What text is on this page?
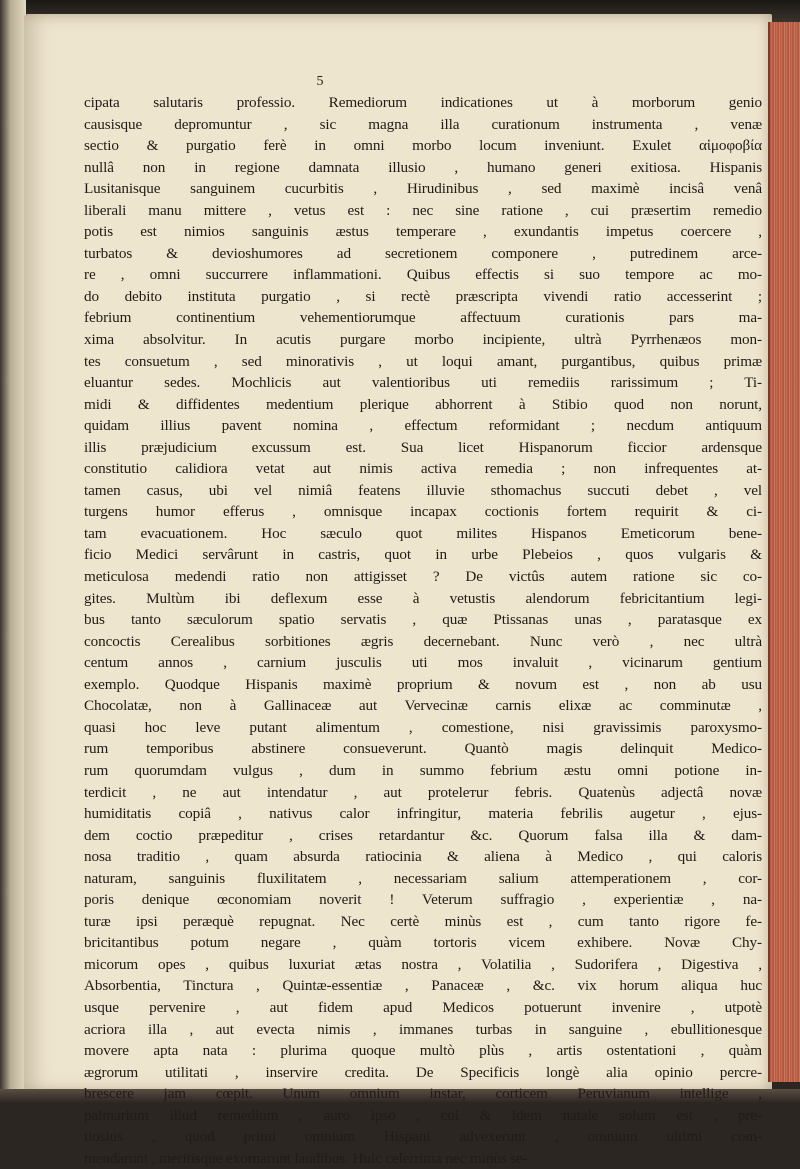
5
cipata salutaris professio. Remediorum indicationes ut à morborum genio
causisque depromuntur , sic magna illa curationum instrumenta , venæ
sectio & purgatio ferè in omni morbo locum inveniunt. Exulet αἱμοφοβία
nullâ non in regione damnata illusio , humano generi exitiosa. Hispanis
Lusitanisque sanguinem cucurbitis , Hirudinibus , sed maximè incisâ venâ
liberali manu mittere , vetus est : nec sine ratione , cui præsertim remedio
potis est nimios sanguinis æstus temperare , exundantis impetus coercere ,
turbatos & devioshumores ad secretionem componere , putredinem arce-
re , omni succurrere inflammationi. Quibus effectis si suo tempore ac mo-
do debito instituta purgatio , si rectè præscripta vivendi ratio accesserint ;
febrium continentium vehementiorumque affectuum curationis pars ma-
xima absolvitur. In acutis purgare morbo incipiente, ultrà Pyrrhenæos mon-
tes consuetum , sed minorativis , ut loqui amant, purgantibus, quibus primæ
eluantur sedes. Mochlicis aut valentioribus uti remediis rarissimum ; Ti-
midi & diffidentes medentium plerique abhorrent à Stibio quod non norunt,
quidam illius pavent nomina , effectum reformidant ; necdum antiquum
illis præjudicium excussum est. Sua licet Hispanorum ficcior ardensque
constitutio calidiora vetat aut nimis activa remedia ; non infrequentes at-
tamen casus, ubi vel nimiâ featens illuvie sthomachus succuti debet , vel
turgens humor efferus , omnisque incapax coctionis fortem requirit & ci-
tam evacuationem. Hoc sæculo quot milites Hispanos Emeticorum bene-
ficio Medici servârunt in castris, quot in urbe Plebeios , quos vulgaris &
meticulosa medendi ratio non attigisset ? De victûs autem ratione sic co-
gites. Multùm ibi deflexum esse à vetustis alendorum febricitantium legi-
bus tanto sæculorum spatio servatis , quæ Ptissanas unas , paratasque ex
concoctis Cerealibus sorbitiones ægris decernebant. Nunc verò , nec ultrà
centum annos , carnium jusculis uti mos invaluit , vicinarum gentium
exemplo. Quodque Hispanis maximè proprium & novum est , non ab usu
Chocolatæ, non à Gallinaceæ aut Vervecinæ carnis elixæ ac comminutæ ,
quasi hoc leve putant alimentum , comestione, nisi gravissimis paroxysmo-
rum temporibus abstinere consueverunt. Quantò magis delinquit Medico-
rum quorumdam vulgus , dum in summo febrium æstu omni potione in-
terdicit , ne aut intendatur , aut protelетur febris. Quatenùs adjectâ novæ
humiditatis copiâ , nativus calor infringitur, materia febrilis augetur , ejus-
dem coctio præpeditur , crises retardantur &c. Quorum falsa illa & dam-
nosa traditio , quam absurda ratiocinia & aliena à Medico , qui caloris
naturam, sanguinis fluxilitatem , necessariam salium attemperationem , cor-
poris denique œconomiam noverit ! Veterum suffragio , experientiæ , na-
turæ ipsi peræquè repugnat. Nec certè minùs est , cum tanto rigore fe-
bricitantibus potum negare , quàm tortoris vicem exhibere. Novæ Chy-
micorum opes , quibus luxuriat ætas nostra , Volatilia , Sudorifera , Digestiva ,
Absorbentia, Tinctura , Quintæ-essentiæ , Panaceæ , &c. vix horum aliqua huc
usque pervenire , aut fidem apud Medicos potuerunt invenire , utpotè
acriora illa , aut evecta nimis , immanes turbas in sanguine , ebullitionesque
movere apta nata : plurima quoque multò plùs , artis ostentationi , quàm
ægrorum utilitati , inservire credita. De Specificis longè alia opinio percre-
brescere jam cœpit. Unum omnium instar, corticem Peruvianum intellige ,
palmarium illud remedium , auro ipso , cui & idem natale solum est , pre-
tiosius , quod primi omnium Hispani advexerunt , omnium ultimi com-
mendarunt , meritisque exornarunt laudibus. Huic celerrima nec minùs se-
